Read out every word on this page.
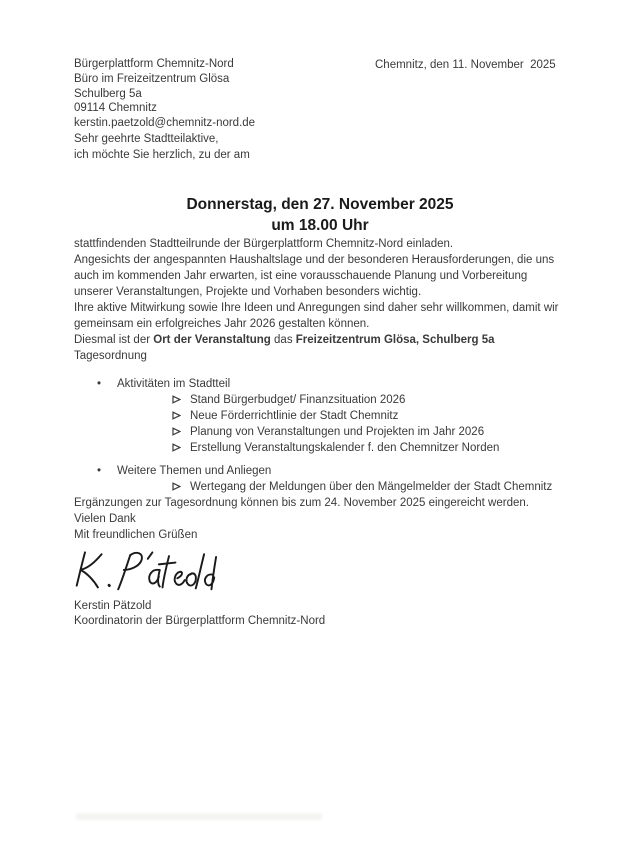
Bürgerplattform Chemnitz-Nord
Büro im Freizeitzentrum Glösa
Schulberg 5a
09114 Chemnitz
kerstin.paetzold@chemnitz-nord.de
Chemnitz, den 11. November  2025

Sehr geehrte Stadtteilaktive,

ich möchte Sie herzlich, zu der am

Donnerstag, den 27. November 2025
um 18.00 Uhr

stattfindenden Stadtteilrunde der Bürgerplattform Chemnitz-Nord einladen.

Angesichts der angespannten Haushaltslage und der besonderen Herausforderungen, die uns auch im kommenden Jahr erwarten, ist eine vorausschauende Planung und Vorbereitung unserer Veranstaltungen, Projekte und Vorhaben besonders wichtig.

Ihre aktive Mitwirkung sowie Ihre Ideen und Anregungen sind daher sehr willkommen, damit wir gemeinsam ein erfolgreiches Jahr 2026 gestalten können.

Diesmal ist der Ort der Veranstaltung das Freizeitzentrum Glösa, Schulberg 5a

Tagesordnung

•	Aktivitäten im Stadtteil
Stand Bürgerbudget/ Finanzsituation 2026
Neue Förderrichtlinie der Stadt Chemnitz
Planung von Veranstaltungen und Projekten im Jahr 2026
Erstellung Veranstaltungskalender f. den Chemnitzer Norden
•	Weitere Themen und Anliegen
Wertegang der Meldungen über den Mängelmelder der Stadt Chemnitz

Ergänzungen zur Tagesordnung können bis zum 24. November 2025 eingereicht werden.

Vielen Dank

Mit freundlichen Grüßen

Kerstin Pätzold
Koordinatorin der Bürgerplattform Chemnitz-Nord
